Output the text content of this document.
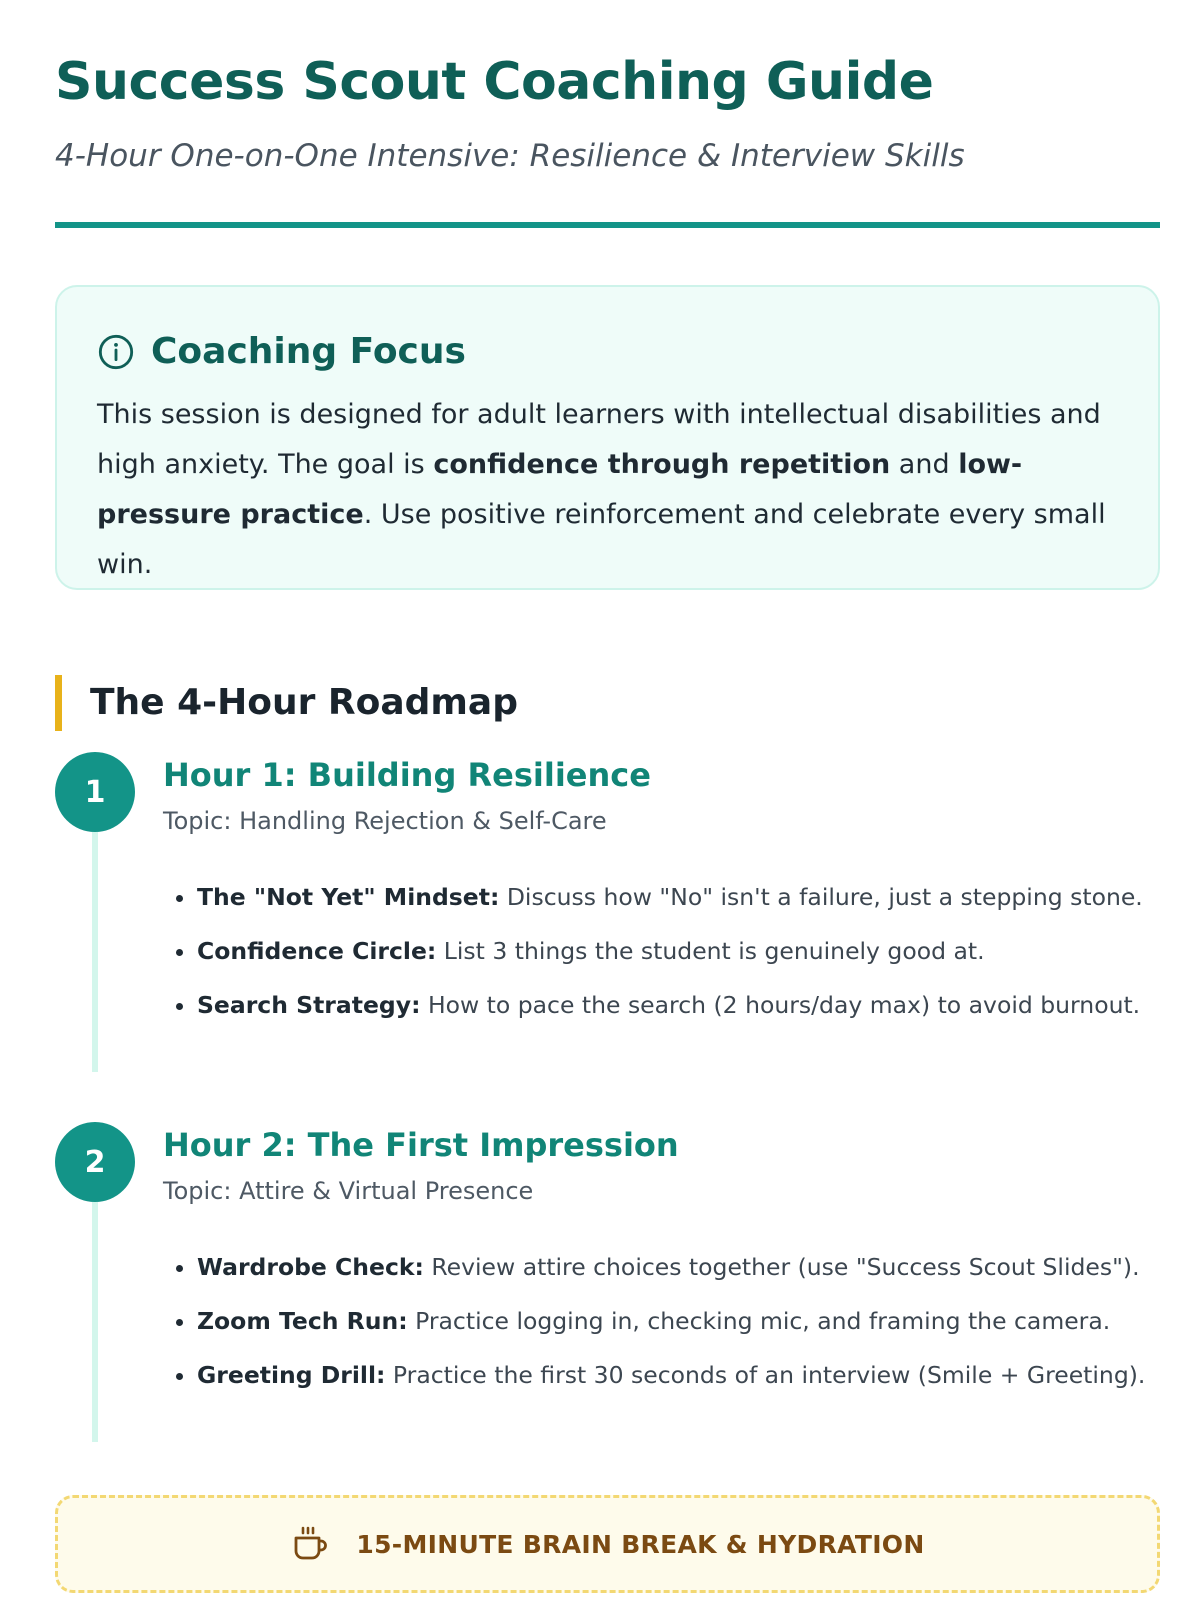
Success Scout Coaching Guide

4-Hour One-on-One Intensive: Resilience & Interview Skills

Coaching Focus

This session is designed for adult learners with intellectual disabilities and high anxiety. The goal is confidence through repetition and low-pressure practice. Use positive reinforcement and celebrate every small win.

The 4-Hour Roadmap
1	Hour 1: Building Resilience

Topic: Handling Rejection & Self-Care

• The "Not Yet" Mindset: Discuss how "No" isn't a failure, just a stepping stone.
• Confidence Circle: List 3 things the student is genuinely good at.
• Search Strategy: How to pace the search (2 hours/day max) to avoid burnout.
2	Hour 2: The First Impression

Topic: Attire & Virtual Presence

• Wardrobe Check: Review attire choices together (use "Success Scout Slides").
• Zoom Tech Run: Practice logging in, checking mic, and framing the camera.
• Greeting Drill: Practice the first 30 seconds of an interview (Smile + Greeting).
15-MINUTE BRAIN BREAK & HYDRATION
